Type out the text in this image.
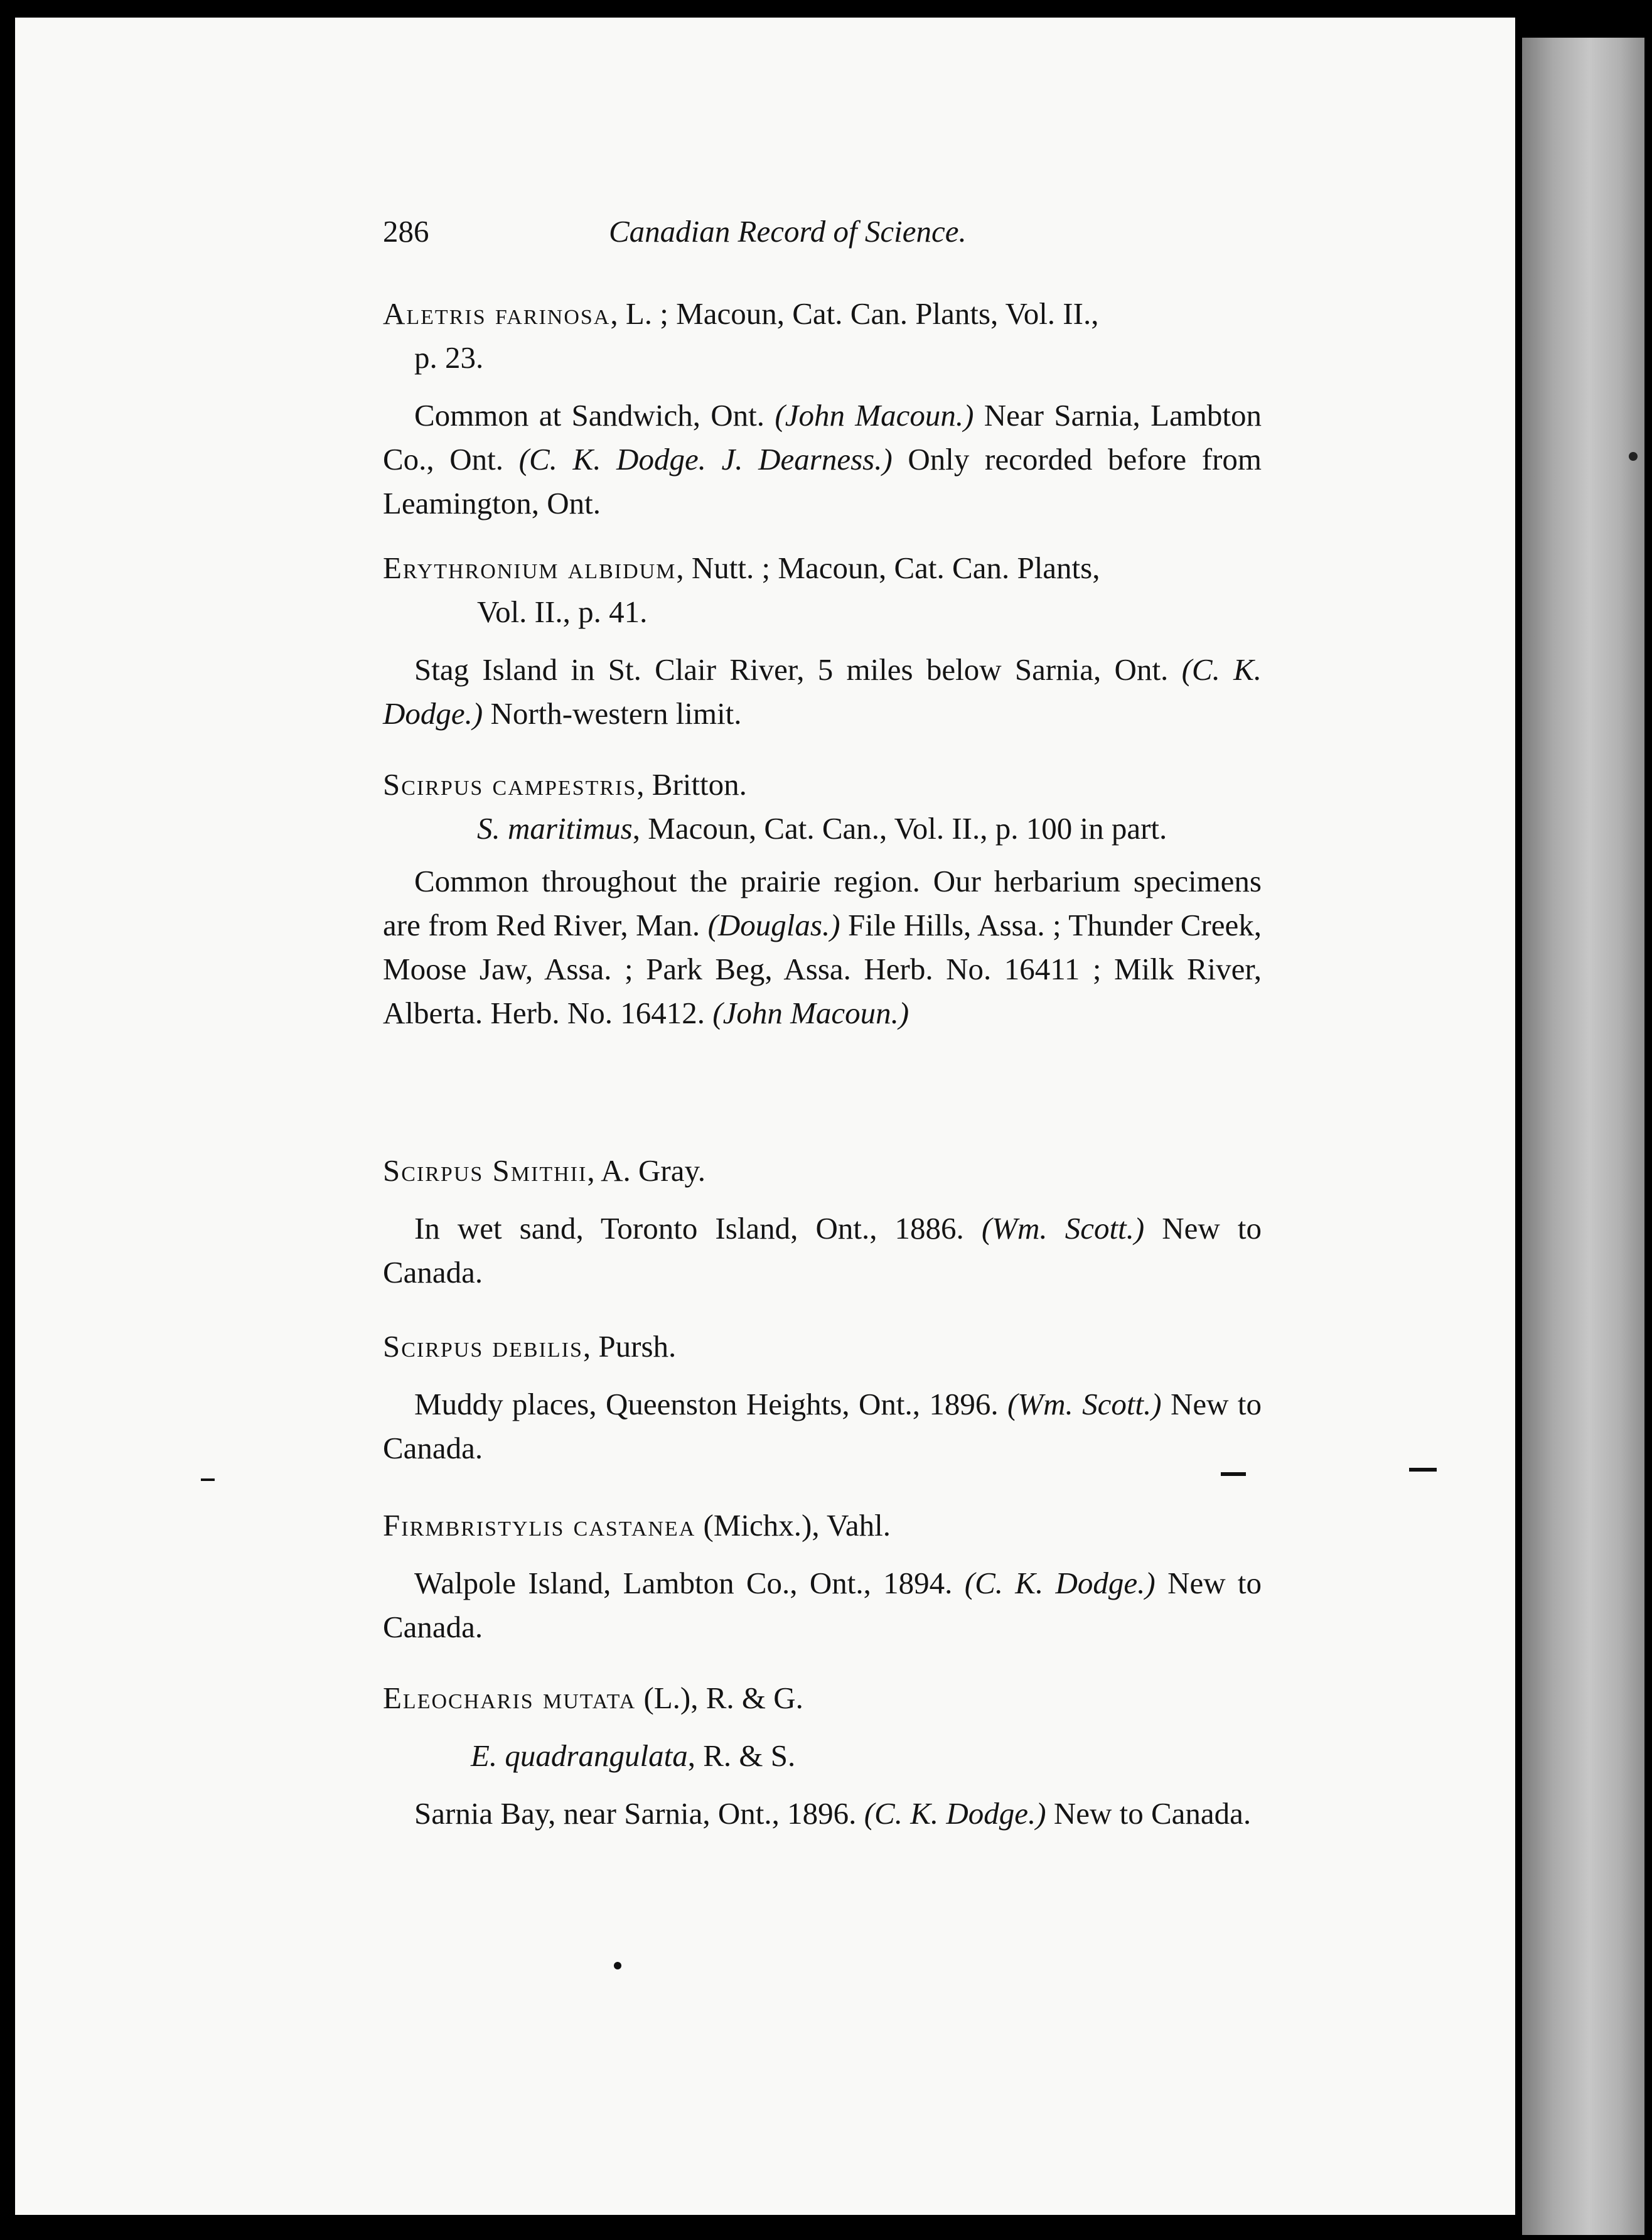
286	Canadian Record of Science.

Aletris farinosa, L. ; Macoun, Cat. Can. Plants, Vol. II.,

p. 23.

Common at Sandwich, Ont. (John Macoun.) Near Sarnia, Lambton Co., Ont. (C. K. Dodge. J. Dearness.) Only recorded before from Leamington, Ont.

Erythronium albidum, Nutt. ; Macoun, Cat. Can. Plants,

Vol. II., p. 41.

Stag Island in St. Clair River, 5 miles below Sarnia, Ont. (C. K. Dodge.) North-western limit.

Scirpus campestris, Britton.

S. maritimus, Macoun, Cat. Can., Vol. II., p. 100 in part.

Common throughout the prairie region. Our herbarium specimens are from Red River, Man. (Douglas.) File Hills, Assa. ; Thunder Creek, Moose Jaw, Assa. ; Park Beg, Assa. Herb. No. 16411 ; Milk River, Alberta. Herb. No. 16412. (John Macoun.)

Scirpus Smithii, A. Gray.

In wet sand, Toronto Island, Ont., 1886. (Wm. Scott.) New to Canada.

Scirpus debilis, Pursh.

Muddy places, Queenston Heights, Ont., 1896. (Wm. Scott.) New to Canada.

Firmbristylis castanea (Michx.), Vahl.

Walpole Island, Lambton Co., Ont., 1894. (C. K. Dodge.) New to Canada.

Eleocharis mutata (L.), R. & G.

E. quadrangulata, R. & S.

Sarnia Bay, near Sarnia, Ont., 1896. (C. K. Dodge.) New to Canada.
